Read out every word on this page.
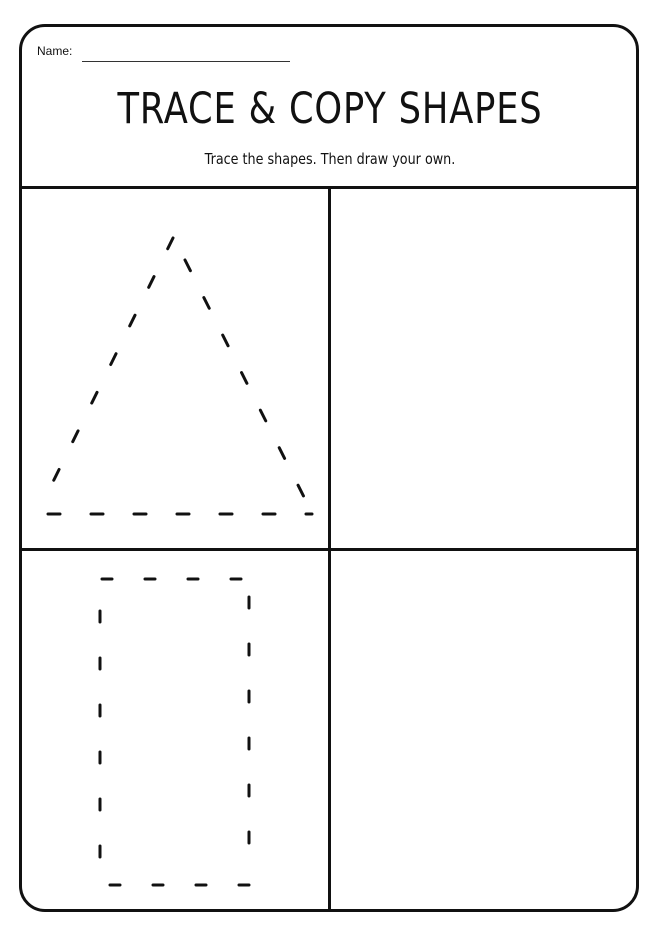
Name:
TRACE & COPY SHAPES
Trace the shapes. Then draw your own.
